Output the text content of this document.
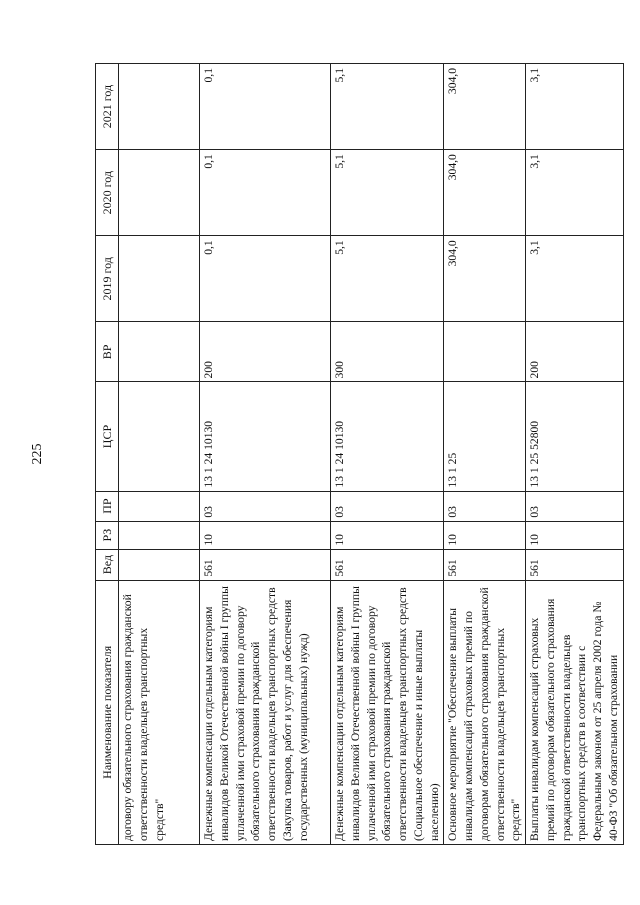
225
Наименование показателя	Вед	РЗ	ПР	ЦСР	ВР	2019 год	2020 год	2021 год
договору обязательного страхования гражданской ответственности владельцев транспортных средств"								
Денежные компенсации отдельным категориям инвалидов Великой Отечественной войны I группы уплаченной ими страховой премии по договору обязательного страхования гражданской ответственности владельцев транспортных средств (Закупка товаров, работ и услуг для обеспечения государственных (муниципальных) нужд)	561	10	03	13 1 24 10130	200	0,1	0,1	0,1
Денежные компенсации отдельным категориям инвалидов Великой Отечественной войны I группы уплаченной ими страховой премии по договору обязательного страхования гражданской ответственности владельцев транспортных средств (Социальное обеспечение и иные выплаты населению)	561	10	03	13 1 24 10130	300	5,1	5,1	5,1
Основное мероприятие "Обеспечение выплаты инвалидам компенсаций страховых премий по договорам обязательного страхования гражданской ответственности владельцев транспортных средств"	561	10	03	13 1 25		304,0	304,0	304,0
Выплаты инвалидам компенсаций страховых премий по договорам обязательного страхования гражданской ответственности владельцев транспортных средств в соответствии с Федеральным законом от 25 апреля 2002 года № 40-ФЗ "Об обязательном страховании	561	10	03	13 1 25 52800	200	3,1	3,1	3,1
